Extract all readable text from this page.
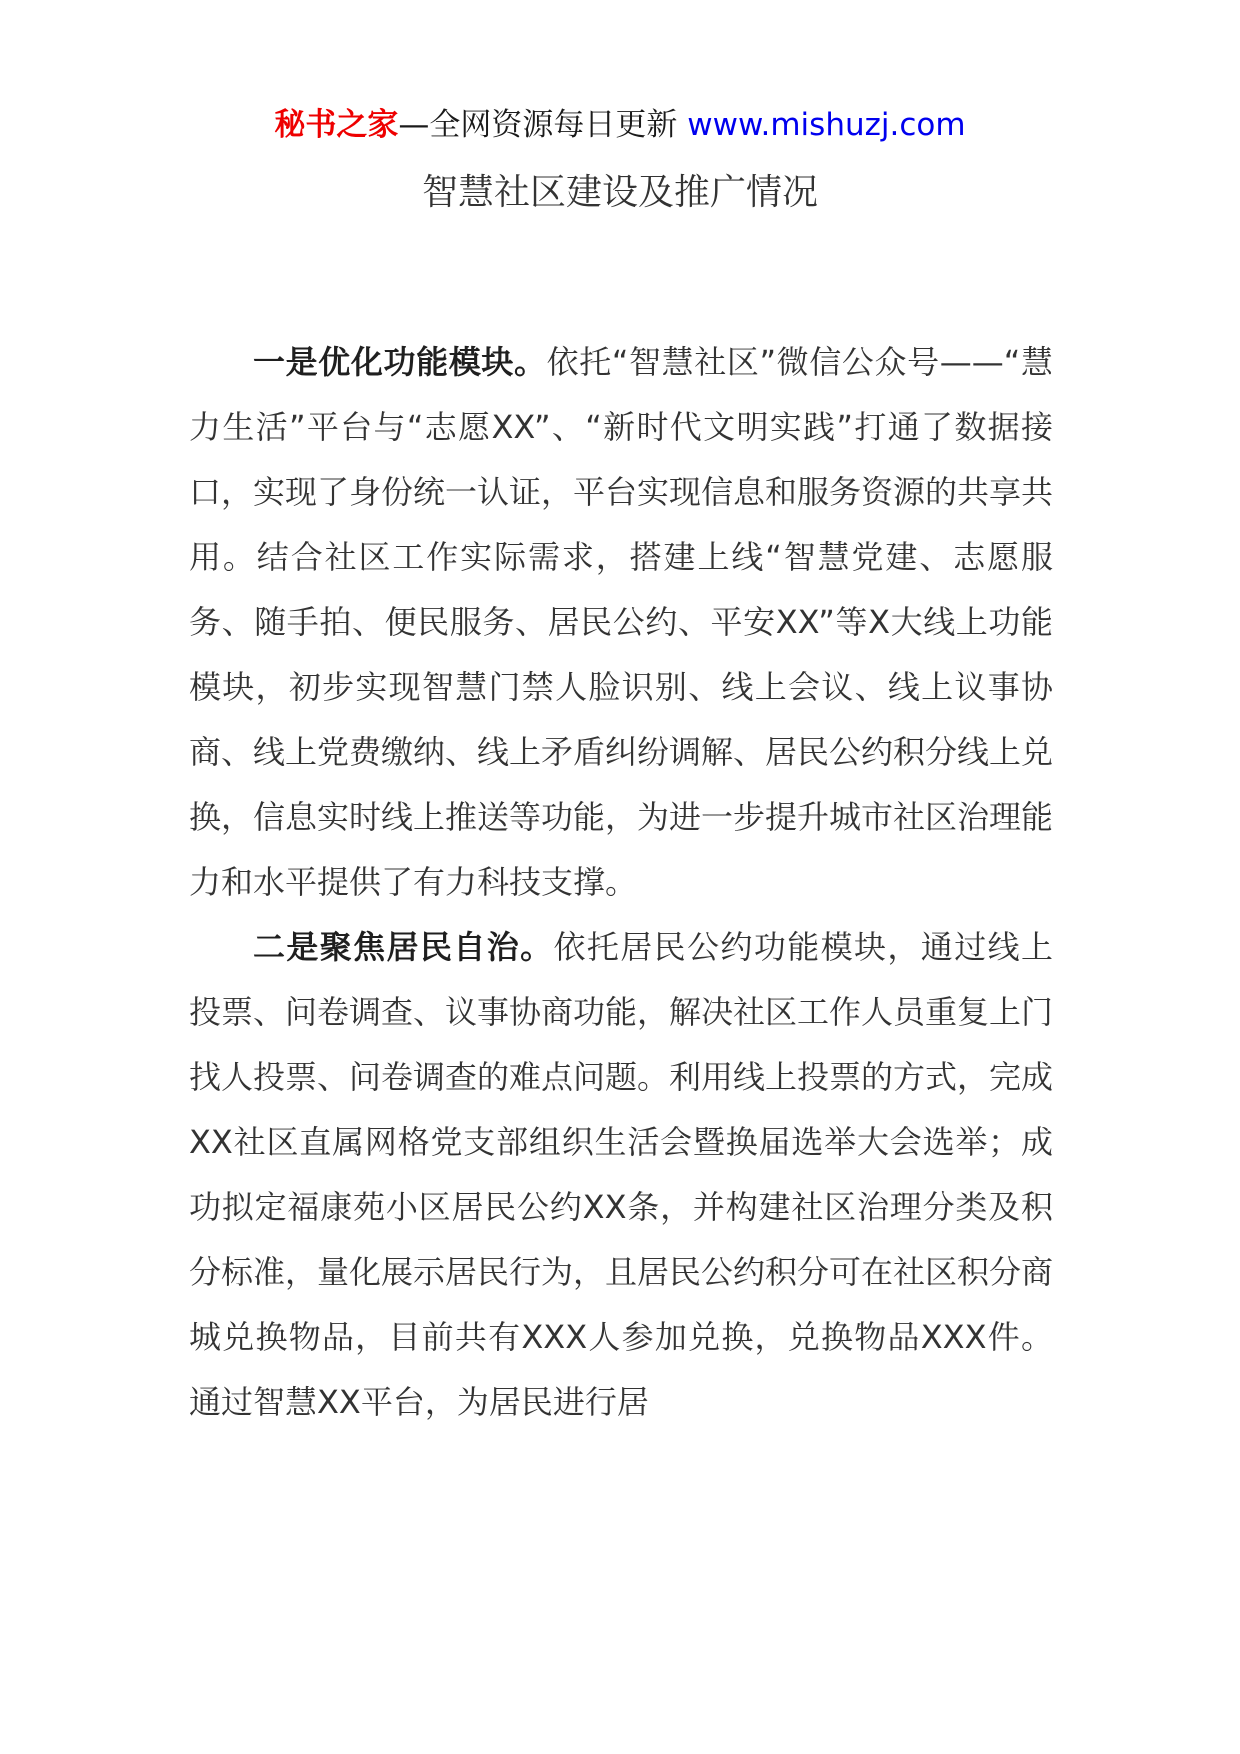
秘书之家—全网资源每日更新 www.mishuzj.com
智慧社区建设及推广情况

一是优化功能模块。依托“智慧社区”微信公众号——“慧力生活”平台与“志愿XX”、“新时代文明实践”打通了数据接口，实现了身份统一认证，平台实现信息和服务资源的共享共用。结合社区工作实际需求，搭建上线“智慧党建、志愿服务、随手拍、便民服务、居民公约、平安XX”等X大线上功能模块，初步实现智慧门禁人脸识别、线上会议、线上议事协商、线上党费缴纳、线上矛盾纠纷调解、居民公约积分线上兑换，信息实时线上推送等功能，为进一步提升城市社区治理能力和水平提供了有力科技支撑。

二是聚焦居民自治。依托居民公约功能模块，通过线上投票、问卷调查、议事协商功能，解决社区工作人员重复上门找人投票、问卷调查的难点问题。利用线上投票的方式，完成XX社区直属网格党支部组织生活会暨换届选举大会选举；成功拟定福康苑小区居民公约XX条，并构建社区治理分类及积分标准，量化展示居民行为，且居民公约积分可在社区积分商城兑换物品，目前共有XXX人参加兑换，兑换物品XXX件。通过智慧XX平台，为居民进行居
